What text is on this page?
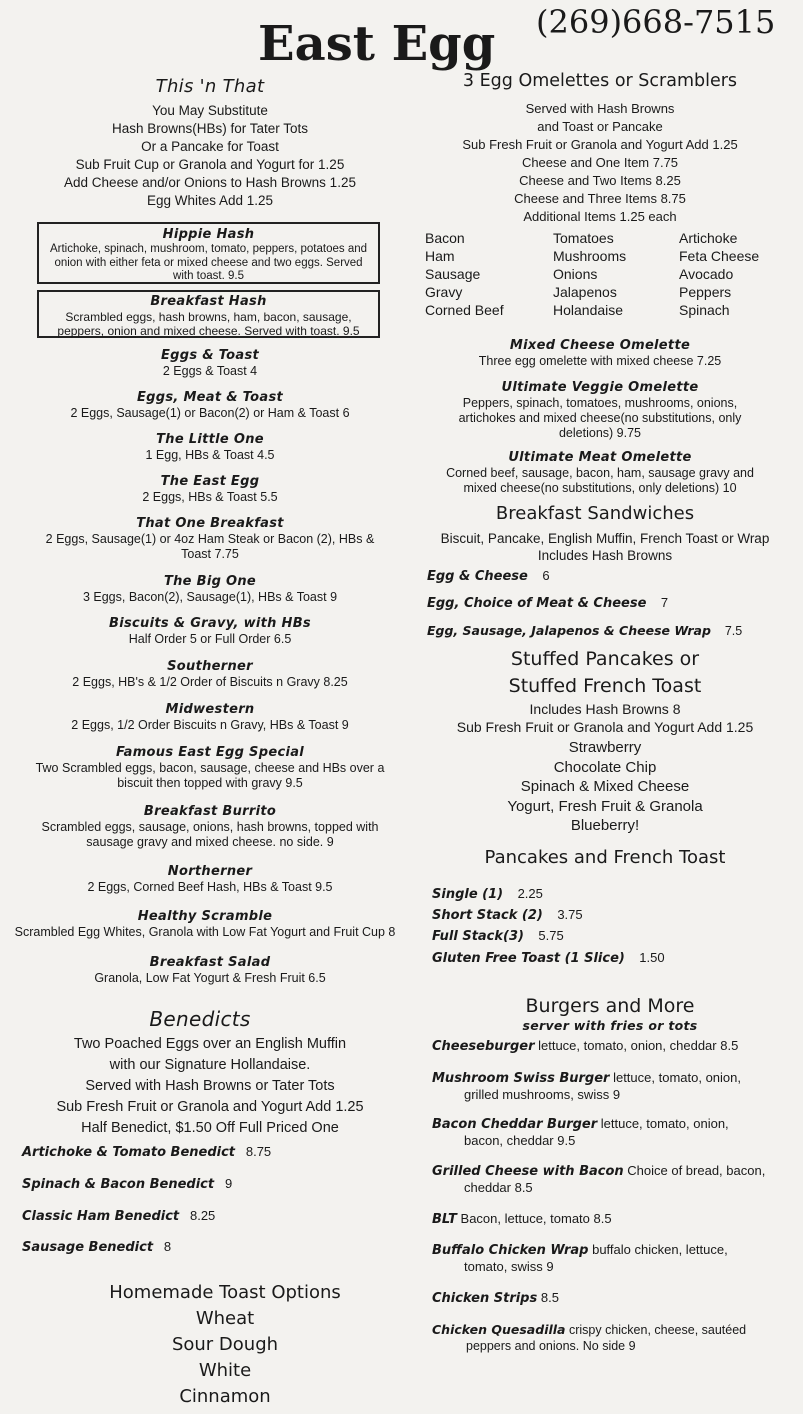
East Egg (269)668-7515
This 'n That
You May Substitute
Hash Browns(HBs) for Tater Tots
Or a Pancake for Toast
Sub Fruit Cup or Granola and Yogurt for 1.25
Add Cheese and/or Onions to Hash Browns 1.25
Egg Whites Add 1.25
Hippie Hash
Artichoke, spinach, mushroom, tomato, peppers, potatoes and onion with either feta or mixed cheese and two eggs. Served with toast. 9.5
Breakfast Hash
Scrambled eggs, hash browns, ham, bacon, sausage, peppers, onion and mixed cheese. Served with toast. 9.5
Eggs & Toast
2 Eggs & Toast 4
Eggs, Meat & Toast
2 Eggs, Sausage(1) or Bacon(2) or Ham & Toast 6
The Little One
1 Egg, HBs & Toast 4.5
The East Egg
2 Eggs, HBs & Toast 5.5
That One Breakfast
2 Eggs, Sausage(1) or 4oz Ham Steak or Bacon (2), HBs & Toast 7.75
The Big One
3 Eggs, Bacon(2), Sausage(1), HBs & Toast 9
Biscuits & Gravy, with HBs
Half Order 5 or Full Order 6.5
Southerner
2 Eggs, HB's & 1/2 Order of Biscuits n Gravy 8.25
Midwestern
2 Eggs, 1/2 Order Biscuits n Gravy, HBs & Toast 9
Famous East Egg Special
Two Scrambled eggs, bacon, sausage, cheese and HBs over a biscuit then topped with gravy 9.5
Breakfast Burrito
Scrambled eggs, sausage, onions, hash browns, topped with sausage gravy and mixed cheese. no side. 9
Northerner
2 Eggs, Corned Beef Hash, HBs & Toast 9.5
Healthy Scramble
Scrambled Egg Whites, Granola with Low Fat Yogurt and Fruit Cup 8
Breakfast Salad
Granola, Low Fat Yogurt & Fresh Fruit 6.5
Benedicts
Two Poached Eggs over an English Muffin
with our Signature Hollandaise.
Served with Hash Browns or Tater Tots
Sub Fresh Fruit or Granola and Yogurt Add 1.25
Half Benedict, $1.50 Off Full Priced One
Artichoke & Tomato Benedict 8.75
Spinach & Bacon Benedict 9
Classic Ham Benedict 8.25
Sausage Benedict 8
Homemade Toast Options
Wheat
Sour Dough
White
Cinnamon
3 Egg Omelettes or Scramblers
Served with Hash Browns
and Toast or Pancake
Sub Fresh Fruit or Granola and Yogurt Add 1.25
Cheese and One Item 7.75
Cheese and Two Items 8.25
Cheese and Three Items 8.75
Additional Items 1.25 each
Bacon	Tomatoes	Artichoke
Ham	Mushrooms	Feta Cheese
Sausage	Onions	Avocado
Gravy	Jalapenos	Peppers
Corned Beef	Holandaise	Spinach
Mixed Cheese Omelette
Three egg omelette with mixed cheese 7.25
Ultimate Veggie Omelette
Peppers, spinach, tomatoes, mushrooms, onions, artichokes and mixed cheese(no substitutions, only deletions) 9.75
Ultimate Meat Omelette
Corned beef, sausage, bacon, ham, sausage gravy and mixed cheese(no substitutions, only deletions) 10
Breakfast Sandwiches
Biscuit, Pancake, English Muffin, French Toast or Wrap
Includes Hash Browns
Egg & Cheese 6
Egg, Choice of Meat & Cheese 7
Egg, Sausage, Jalapenos & Cheese Wrap 7.5
Stuffed Pancakes or
Stuffed French Toast
Includes Hash Browns 8
Sub Fresh Fruit or Granola and Yogurt Add 1.25
Strawberry
Chocolate Chip
Spinach & Mixed Cheese
Yogurt, Fresh Fruit & Granola
Blueberry!
Pancakes and French Toast
Single (1) 2.25
Short Stack (2) 3.75
Full Stack(3) 5.75
Gluten Free Toast (1 Slice) 1.50
Burgers and More
server with fries or tots
Cheeseburger lettuce, tomato, onion, cheddar 8.5
Mushroom Swiss Burger lettuce, tomato, onion,
grilled mushrooms, swiss 9
Bacon Cheddar Burger lettuce, tomato, onion,
bacon, cheddar 9.5
Grilled Cheese with Bacon Choice of bread, bacon,
cheddar 8.5
BLT Bacon, lettuce, tomato 8.5
Buffalo Chicken Wrap buffalo chicken, lettuce,
tomato, swiss 9
Chicken Strips 8.5
Chicken Quesadilla crispy chicken, cheese, sautéed
peppers and onions. No side 9
